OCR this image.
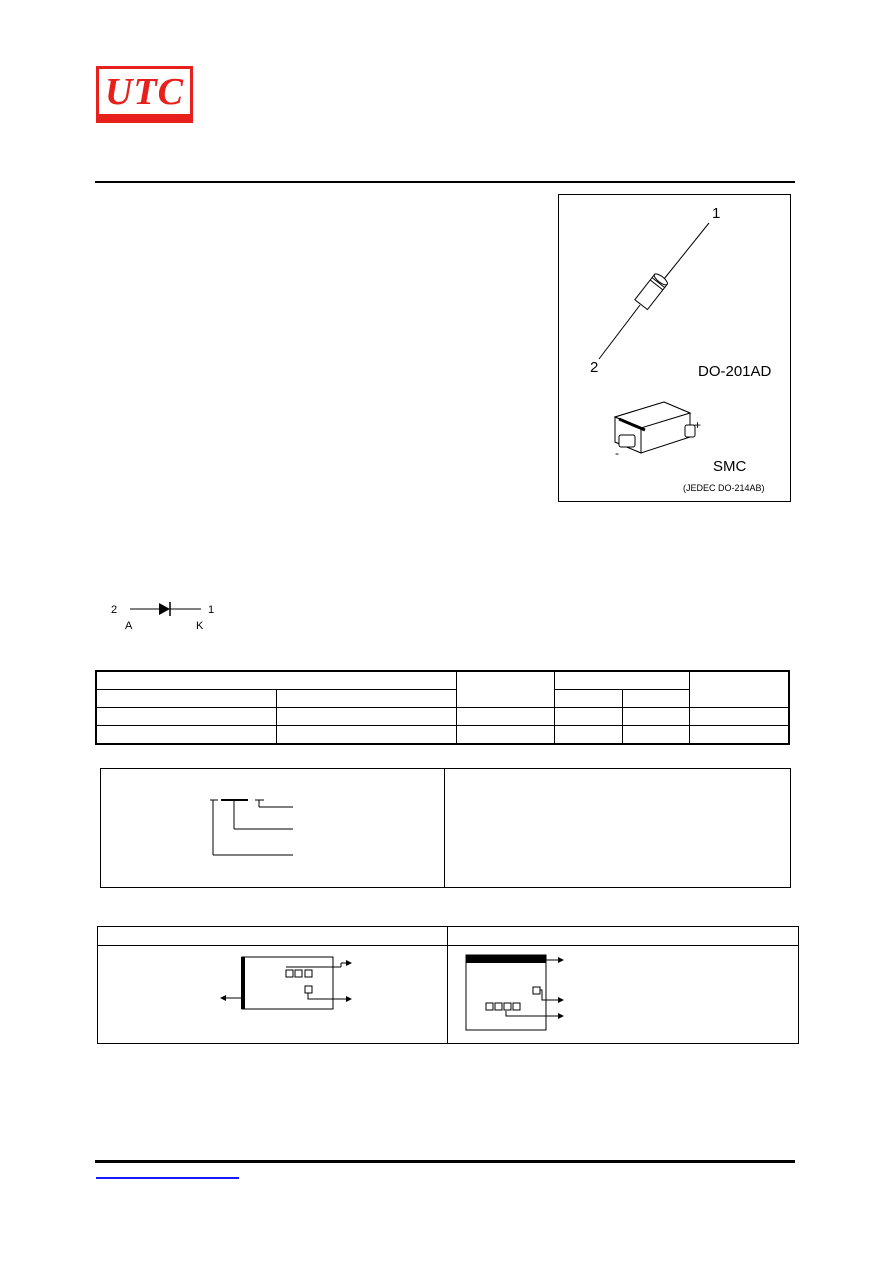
UTC
1
2	DO-201AD
+
-
SMC
(JEDEC DO-214AB)
2	1
A	K
